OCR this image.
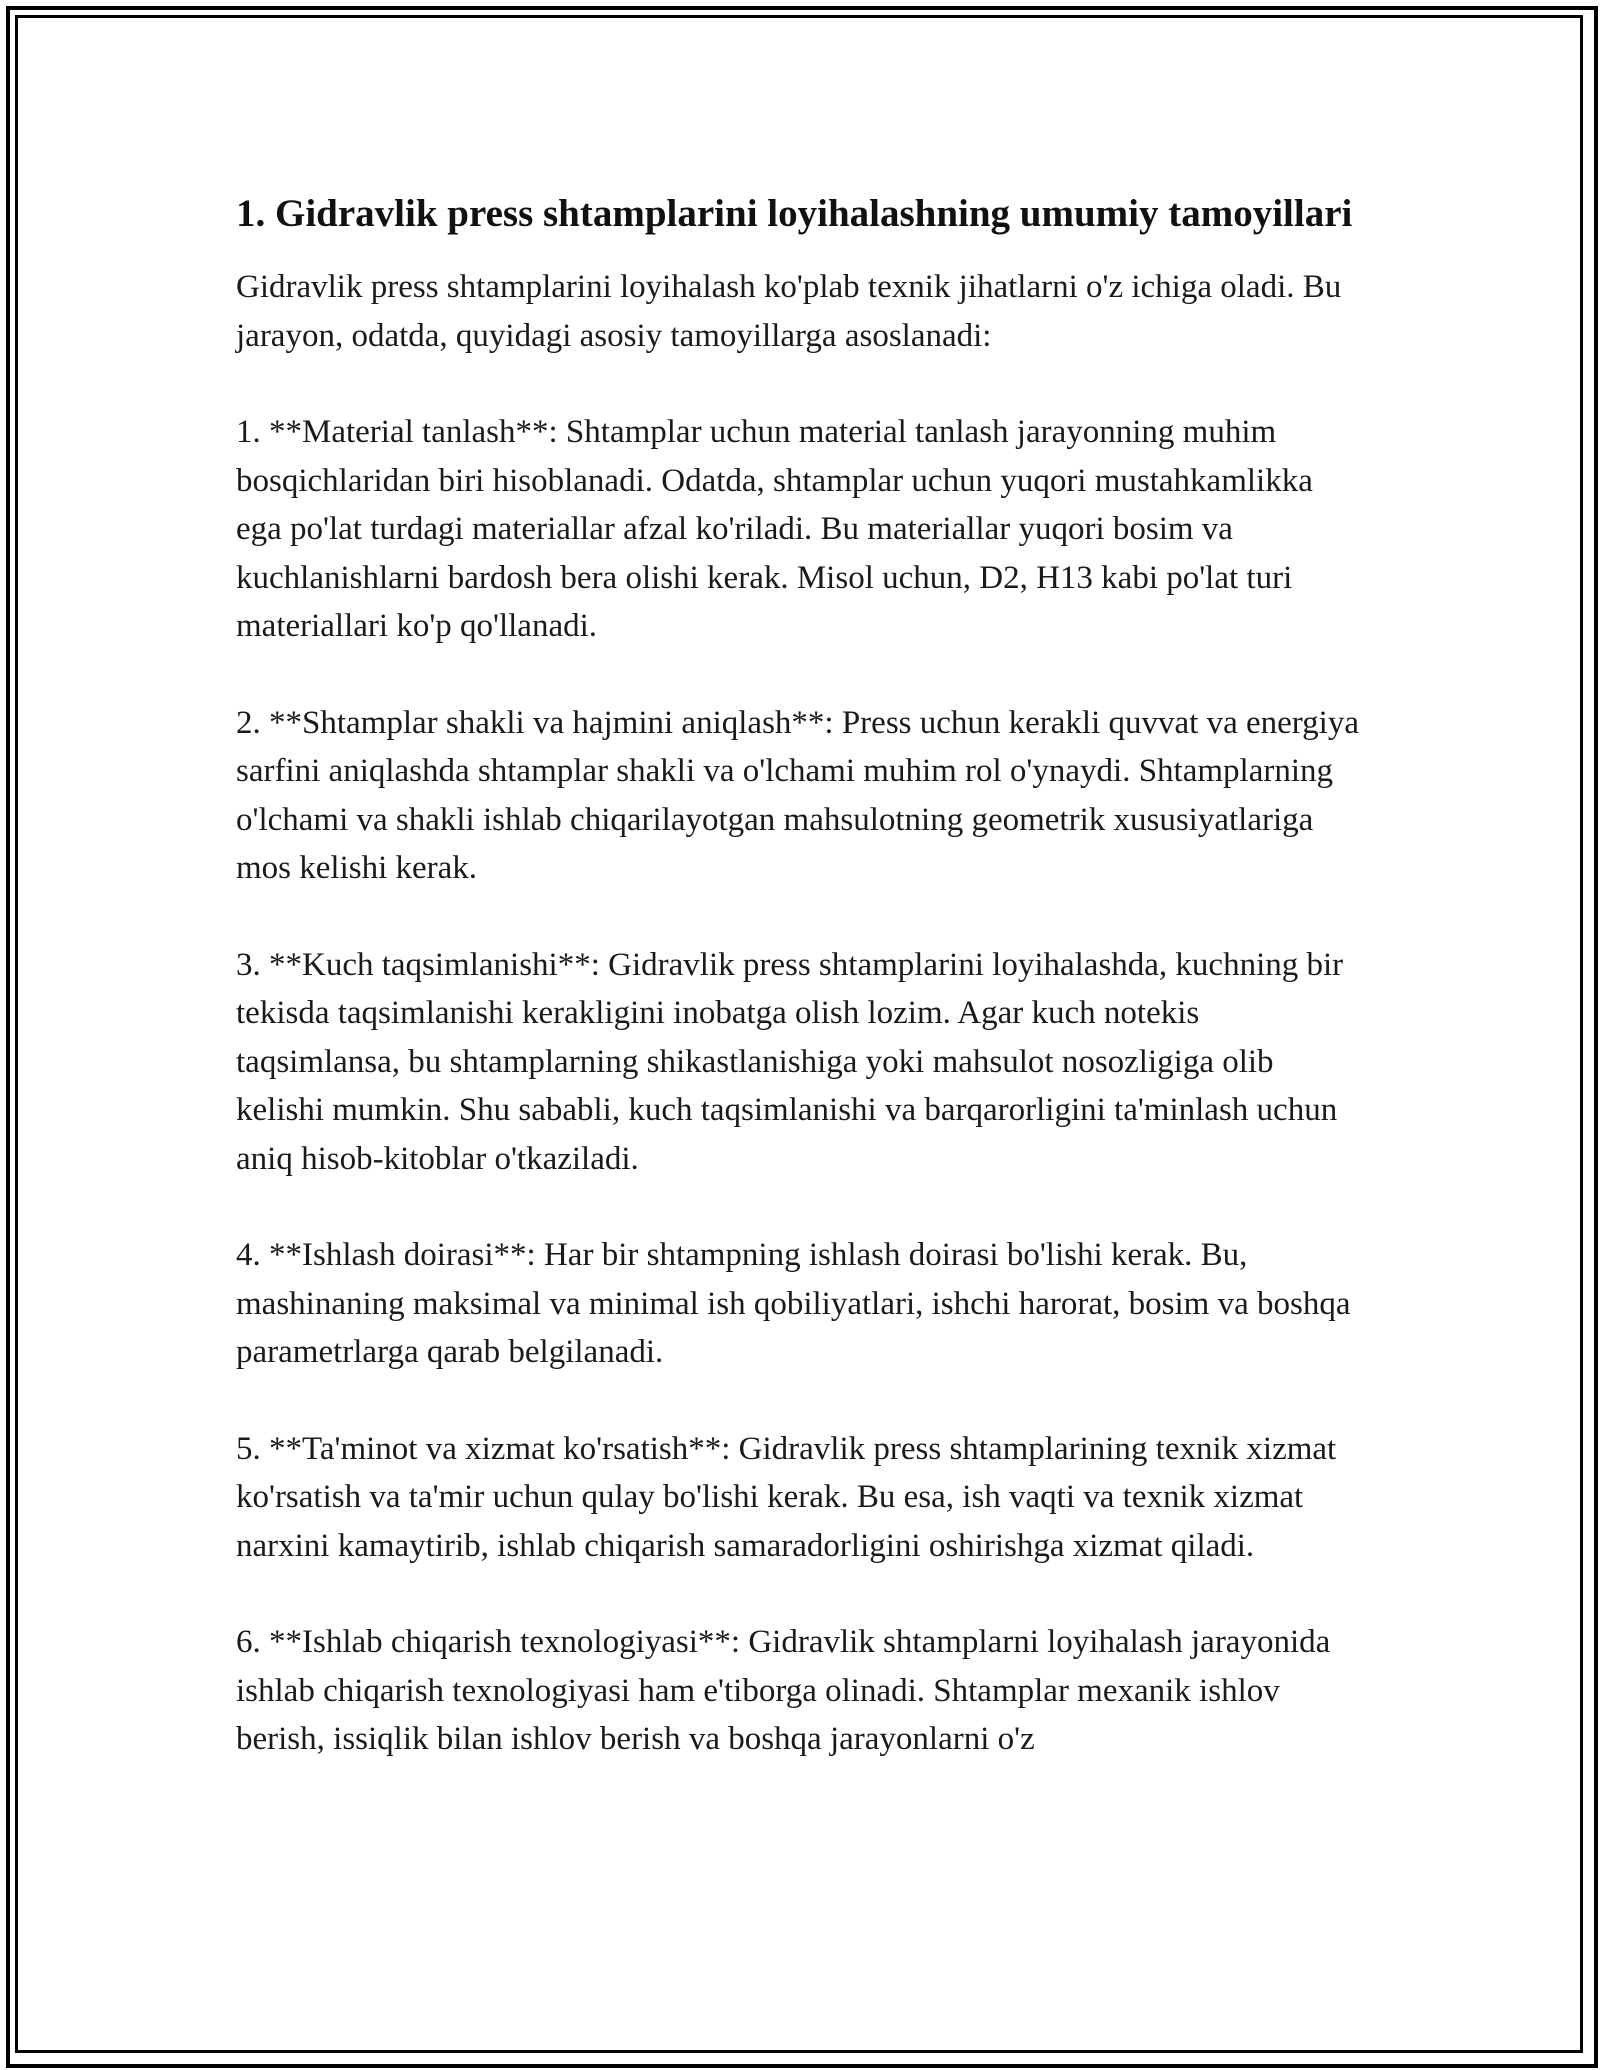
1. Gidravlik press shtamplarini loyihalashning umumiy tamoyillari

Gidravlik press shtamplarini loyihalash ko'plab texnik jihatlarni o'z ichiga oladi. Bu jarayon, odatda, quyidagi asosiy tamoyillarga asoslanadi:

1. **Material tanlash**: Shtamplar uchun material tanlash jarayonning muhim bosqichlaridan biri hisoblanadi. Odatda, shtamplar uchun yuqori mustahkamlikka ega po'lat turdagi materiallar afzal ko'riladi. Bu materiallar yuqori bosim va kuchlanishlarni bardosh bera olishi kerak. Misol uchun, D2, H13 kabi po'lat turi materiallari ko'p qo'llanadi.

2. **Shtamplar shakli va hajmini aniqlash**: Press uchun kerakli quvvat va energiya sarfini aniqlashda shtamplar shakli va o'lchami muhim rol o'ynaydi. Shtamplarning o'lchami va shakli ishlab chiqarilayotgan mahsulotning geometrik xususiyatlariga mos kelishi kerak.

3. **Kuch taqsimlanishi**: Gidravlik press shtamplarini loyihalashda, kuchning bir tekisda taqsimlanishi kerakligini inobatga olish lozim. Agar kuch notekis taqsimlansa, bu shtamplarning shikastlanishiga yoki mahsulot nosozligiga olib kelishi mumkin. Shu sababli, kuch taqsimlanishi va barqarorligini ta'minlash uchun aniq hisob-kitoblar o'tkaziladi.

4. **Ishlash doirasi**: Har bir shtampning ishlash doirasi bo'lishi kerak. Bu, mashinaning maksimal va minimal ish qobiliyatlari, ishchi harorat, bosim va boshqa parametrlarga qarab belgilanadi.

5. **Ta'minot va xizmat ko'rsatish**: Gidravlik press shtamplarining texnik xizmat ko'rsatish va ta'mir uchun qulay bo'lishi kerak. Bu esa, ish vaqti va texnik xizmat narxini kamaytirib, ishlab chiqarish samaradorligini oshirishga xizmat qiladi.

6. **Ishlab chiqarish texnologiyasi**: Gidravlik shtamplarni loyihalash jarayonida ishlab chiqarish texnologiyasi ham e'tiborga olinadi. Shtamplar mexanik ishlov berish, issiqlik bilan ishlov berish va boshqa jarayonlarni o'z
